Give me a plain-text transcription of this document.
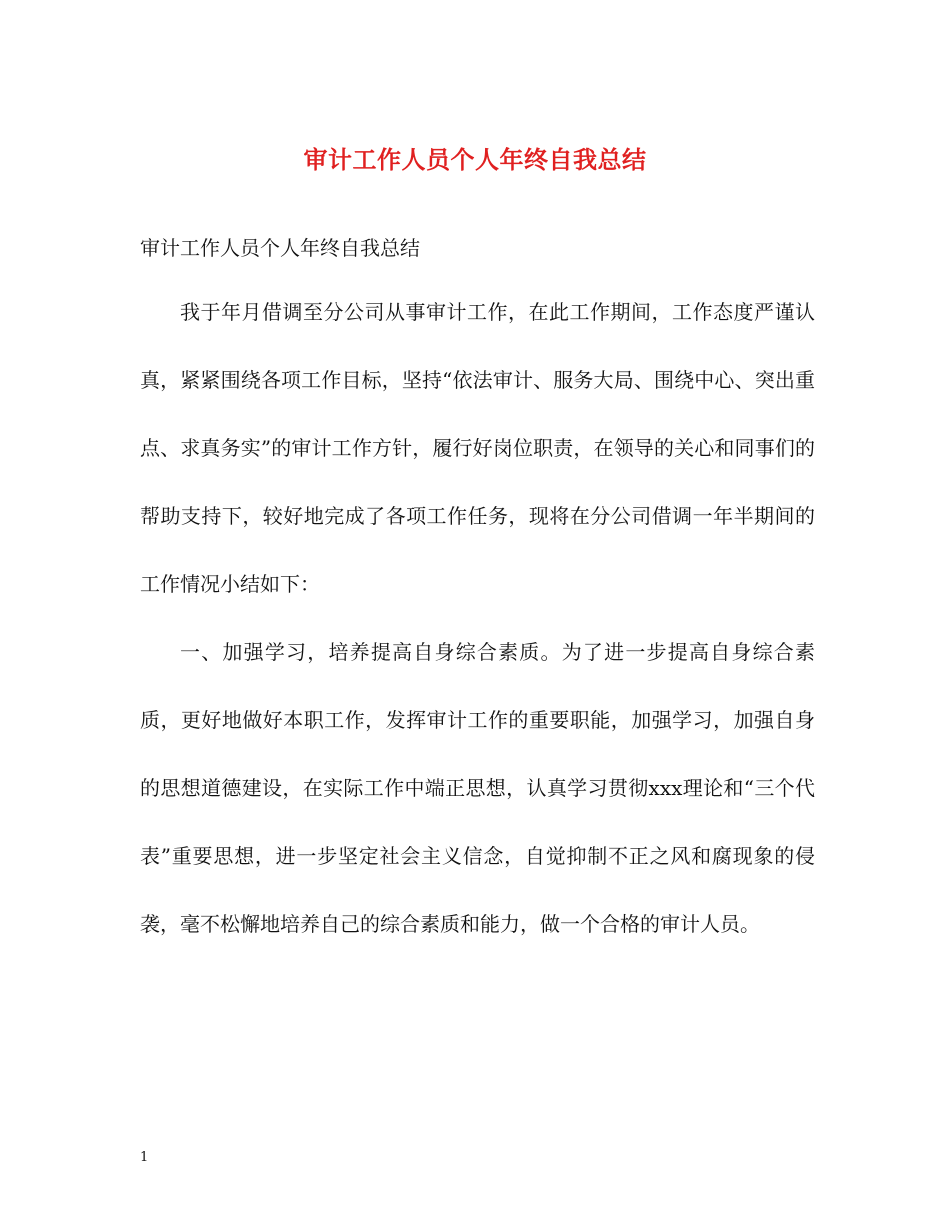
审计工作人员个人年终自我总结
审计工作人员个人年终自我总结

我于年月借调至分公司从事审计工作，在此工作期间，工作态度严谨认真，紧紧围绕各项工作目标，坚持“依法审计、服务大局、围绕中心、突出重点、求真务实”的审计工作方针，履行好岗位职责，在领导的关心和同事们的帮助支持下，较好地完成了各项工作任务，现将在分公司借调一年半期间的工作情况小结如下：

一、加强学习，培养提高自身综合素质。为了进一步提高自身综合素质，更好地做好本职工作，发挥审计工作的重要职能，加强学习，加强自身的思想道德建设，在实际工作中端正思想，认真学习贯彻xxx理论和“三个代表”重要思想，进一步坚定社会主义信念，自觉抑制不正之风和腐现象的侵袭，毫不松懈地培养自己的综合素质和能力，做一个合格的审计人员。

1
